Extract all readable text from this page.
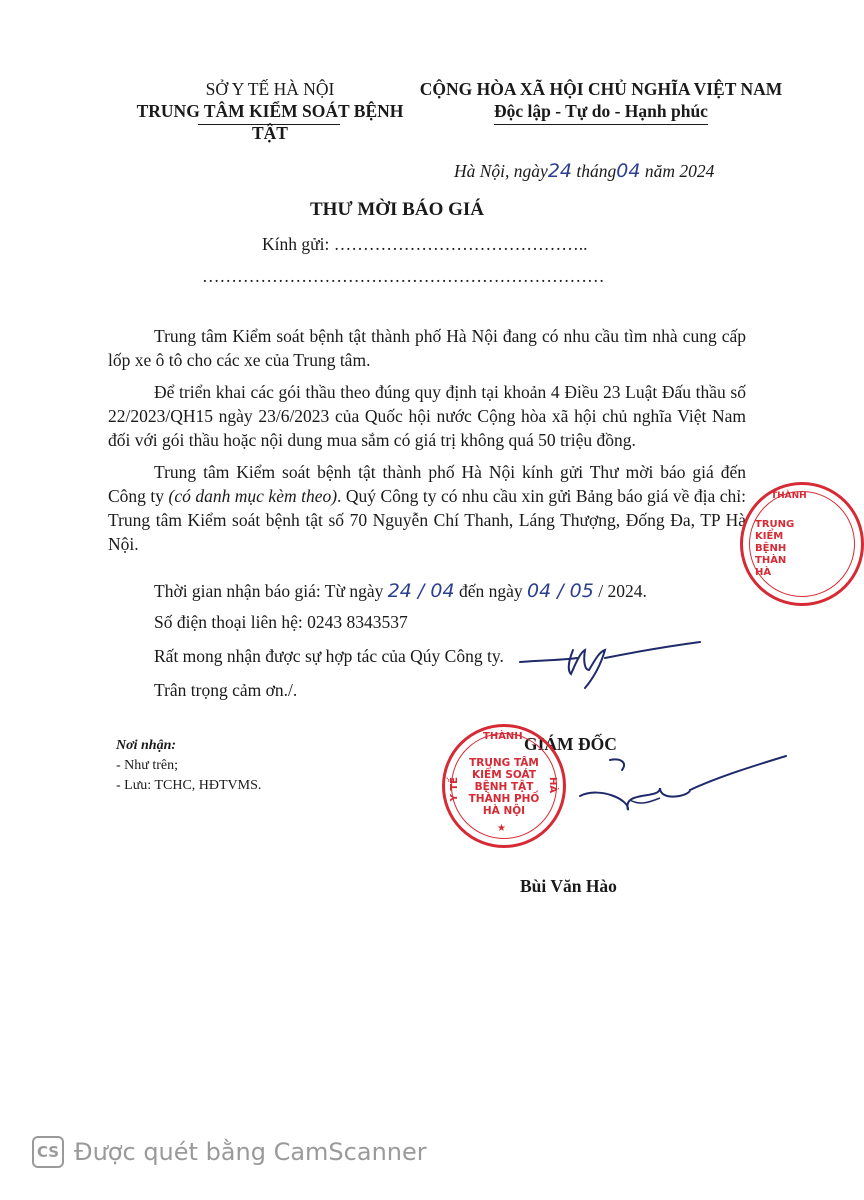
SỞ Y TẾ HÀ NỘI
TRUNG TÂM KIỂM SOÁT BỆNH TẬT
CỘNG HÒA XÃ HỘI CHỦ NGHĨA VIỆT NAM
Độc lập - Tự do - Hạnh phúc
Hà Nội, ngày24 tháng04 năm 2024
THƯ MỜI BÁO GIÁ
Kính gửi: ……………………………………..
……………………………………………………………
Trung tâm Kiểm soát bệnh tật thành phố Hà Nội đang có nhu cầu tìm nhà cung cấp lốp xe ô tô cho các xe của Trung tâm.
Để triển khai các gói thầu theo đúng quy định tại khoản 4 Điều 23 Luật Đấu thầu số 22/2023/QH15 ngày 23/6/2023 của Quốc hội nước Cộng hòa xã hội chủ nghĩa Việt Nam đối với gói thầu hoặc nội dung mua sắm có giá trị không quá 50 triệu đồng.
Trung tâm Kiểm soát bệnh tật thành phố Hà Nội kính gửi Thư mời báo giá đến Công ty (có danh mục kèm theo). Quý Công ty có nhu cầu xin gửi Bảng báo giá về địa chỉ: Trung tâm Kiểm soát bệnh tật số 70 Nguyễn Chí Thanh, Láng Thượng, Đống Đa, TP Hà Nội.
Thời gian nhận báo giá: Từ ngày 24 / 04 đến ngày 04 / 05 / 2024.
Số điện thoại liên hệ: 0243 8343537
Rất mong nhận được sự hợp tác của Qúy Công ty.
Trân trọng cảm ơn./.
Nơi nhận:
- Như trên;
- Lưu: TCHC, HĐTVMS.
GIÁM ĐỐC
THÀNH
Y TẾ	HÀ
TRUNG TÂM
KIỂM SOÁT
BỆNH TẬT
THÀNH PHỐ
HÀ NỘI
★
Bùi Văn Hào
THÀNH
TRUNG
KIỂM
BỆNH
THÀN
HÀ
CS Được quét bằng CamScanner
